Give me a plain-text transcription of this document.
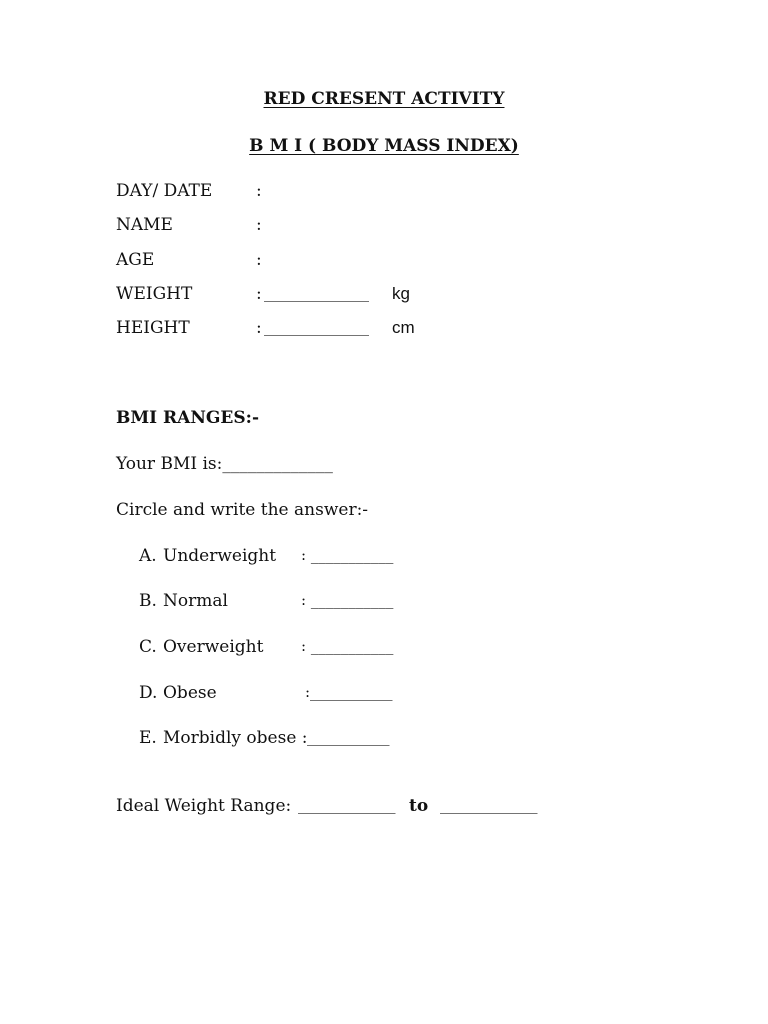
RED CRESENT ACTIVITY
B M I ( BODY MASS INDEX)
DAY/ DATE	:
NAME	:
AGE	:
WEIGHT	: ______________ kg
HEIGHT	: ______________ cm
BMI RANGES:-
Your BMI is:_____________
Circle and write the answer:-
A. Underweight : ___________
B. Normal	: ___________
C. Overweight	: ___________
D. Obese	:___________
E. Morbidly obese : ___________
Ideal Weight Range: _____________ to _____________
